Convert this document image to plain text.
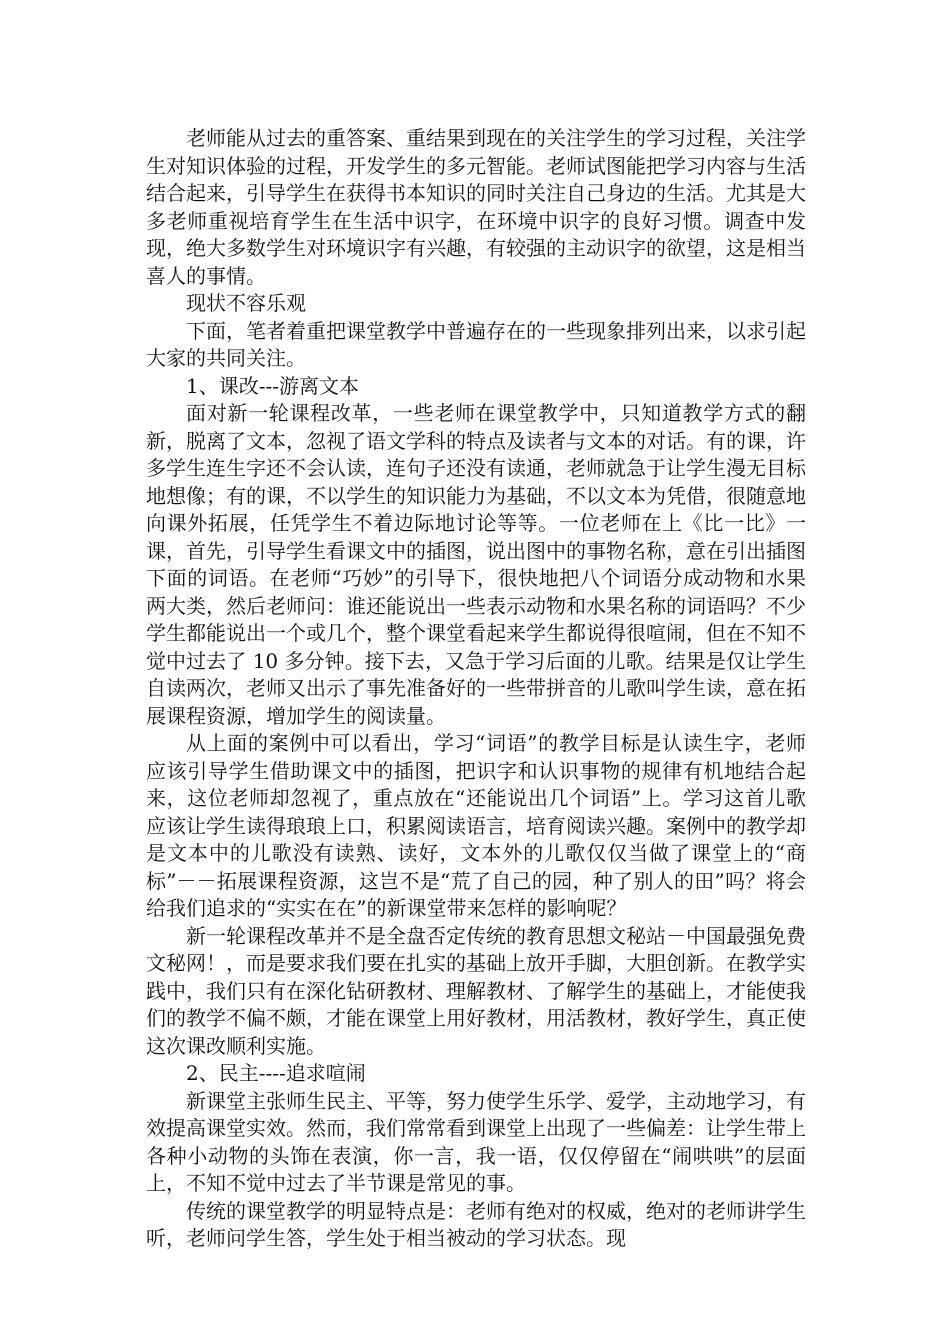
老师能从过去的重答案、重结果到现在的关注学生的学习过程，关注学生对知识体验的过程，开发学生的多元智能。老师试图能把学习内容与生活结合起来，引导学生在获得书本知识的同时关注自己身边的生活。尤其是大多老师重视培育学生在生活中识字，在环境中识字的良好习惯。调查中发现，绝大多数学生对环境识字有兴趣，有较强的主动识字的欲望，这是相当喜人的事情。

现状不容乐观

下面，笔者着重把课堂教学中普遍存在的一些现象排列出来，以求引起大家的共同关注。

1、课改---游离文本

面对新一轮课程改革，一些老师在课堂教学中，只知道教学方式的翻新，脱离了文本，忽视了语文学科的特点及读者与文本的对话。有的课，许多学生连生字还不会认读，连句子还没有读通，老师就急于让学生漫无目标地想像；有的课，不以学生的知识能力为基础，不以文本为凭借，很随意地向课外拓展，任凭学生不着边际地讨论等等。一位老师在上《比一比》一课，首先，引导学生看课文中的插图，说出图中的事物名称，意在引出插图下面的词语。在老师“巧妙”的引导下，很快地把八个词语分成动物和水果两大类，然后老师问：谁还能说出一些表示动物和水果名称的词语吗？不少学生都能说出一个或几个，整个课堂看起来学生都说得很喧闹，但在不知不觉中过去了 10 多分钟。接下去，又急于学习后面的儿歌。结果是仅让学生自读两次，老师又出示了事先准备好的一些带拼音的儿歌叫学生读，意在拓展课程资源，增加学生的阅读量。

从上面的案例中可以看出，学习“词语”的教学目标是认读生字，老师应该引导学生借助课文中的插图，把识字和认识事物的规律有机地结合起来，这位老师却忽视了，重点放在“还能说出几个词语”上。学习这首儿歌应该让学生读得琅琅上口，积累阅读语言，培育阅读兴趣。案例中的教学却是文本中的儿歌没有读熟、读好，文本外的儿歌仅仅当做了课堂上的“商标”－－拓展课程资源，这岂不是“荒了自己的园，种了别人的田”吗？将会给我们追求的“实实在在”的新课堂带来怎样的影响呢？

新一轮课程改革并不是全盘否定传统的教育思想文秘站－中国最强免费文秘网！，而是要求我们要在扎实的基础上放开手脚，大胆创新。在教学实践中，我们只有在深化钻研教材、理解教材、了解学生的基础上，才能使我们的教学不偏不颇，才能在课堂上用好教材，用活教材，教好学生，真正使这次课改顺利实施。

2、民主----追求喧闹

新课堂主张师生民主、平等，努力使学生乐学、爱学，主动地学习，有效提高课堂实效。然而，我们常常看到课堂上出现了一些偏差：让学生带上各种小动物的头饰在表演，你一言，我一语，仅仅停留在“闹哄哄”的层面上，不知不觉中过去了半节课是常见的事。

传统的课堂教学的明显特点是：老师有绝对的权威，绝对的老师讲学生听，老师问学生答，学生处于相当被动的学习状态。现
